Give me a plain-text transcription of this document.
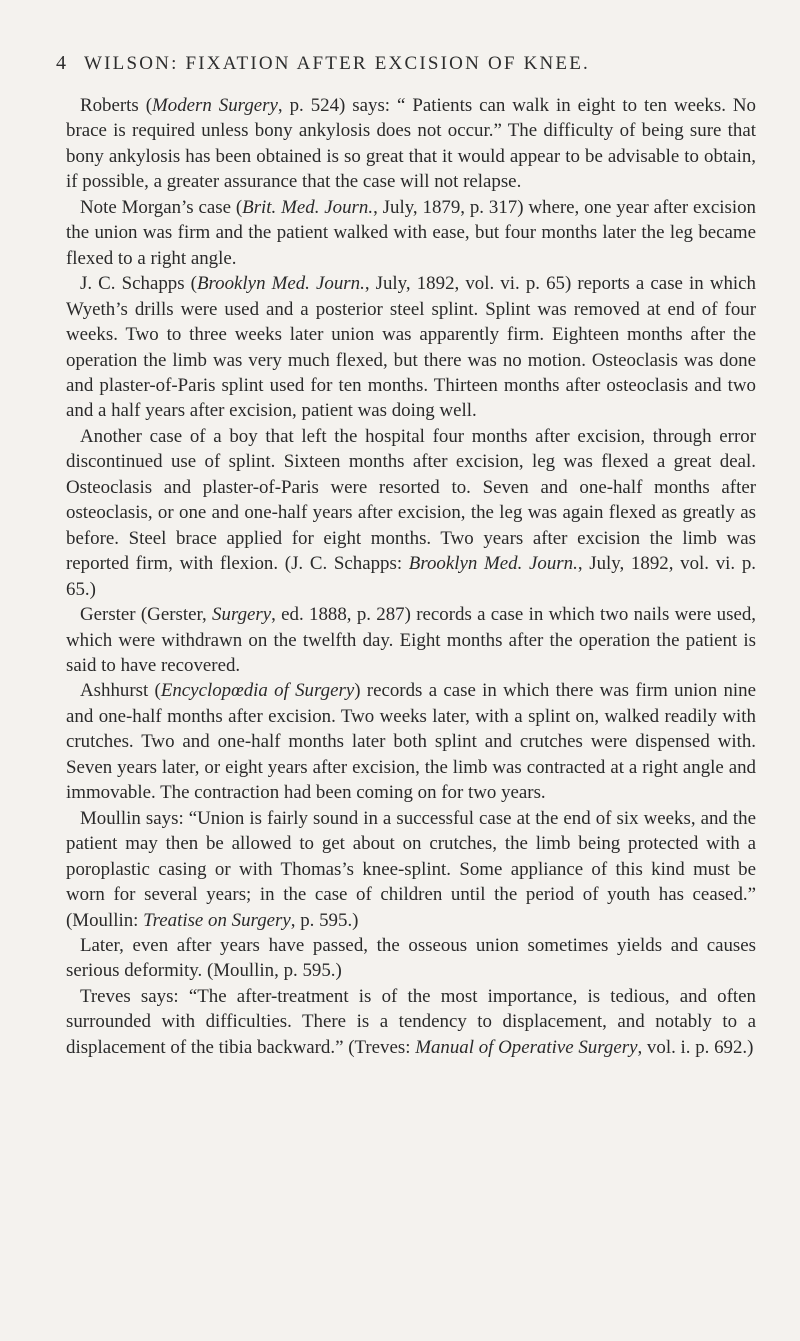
4 WILSON: FIXATION AFTER EXCISION OF KNEE.

Roberts (Modern Surgery, p. 524) says: “ Patients can walk in eight to ten weeks. No brace is required unless bony ankylosis does not occur.” The difficulty of being sure that bony ankylosis has been obtained is so great that it would appear to be advisable to obtain, if possible, a greater assurance that the case will not relapse.

Note Morgan’s case (Brit. Med. Journ., July, 1879, p. 317) where, one year after excision the union was firm and the patient walked with ease, but four months later the leg became flexed to a right angle.

J. C. Schapps (Brooklyn Med. Journ., July, 1892, vol. vi. p. 65) reports a case in which Wyeth’s drills were used and a posterior steel splint. Splint was removed at end of four weeks. Two to three weeks later union was apparently firm. Eighteen months after the operation the limb was very much flexed, but there was no motion. Osteoclasis was done and plaster-of-Paris splint used for ten months. Thirteen months after osteoclasis and two and a half years after excision, patient was doing well.

Another case of a boy that left the hospital four months after excision, through error discontinued use of splint. Sixteen months after excision, leg was flexed a great deal. Osteoclasis and plaster-of-Paris were resorted to. Seven and one-half months after osteoclasis, or one and one-half years after excision, the leg was again flexed as greatly as before. Steel brace applied for eight months. Two years after excision the limb was reported firm, with flexion. (J. C. Schapps: Brooklyn Med. Journ., July, 1892, vol. vi. p. 65.)

Gerster (Gerster, Surgery, ed. 1888, p. 287) records a case in which two nails were used, which were withdrawn on the twelfth day. Eight months after the operation the patient is said to have recovered.

Ashhurst (Encyclopœdia of Surgery) records a case in which there was firm union nine and one-half months after excision. Two weeks later, with a splint on, walked readily with crutches. Two and one-half months later both splint and crutches were dispensed with. Seven years later, or eight years after excision, the limb was contracted at a right angle and immovable. The contraction had been coming on for two years.

Moullin says: “Union is fairly sound in a successful case at the end of six weeks, and the patient may then be allowed to get about on crutches, the limb being protected with a poroplastic casing or with Thomas’s knee-splint. Some appliance of this kind must be worn for several years; in the case of children until the period of youth has ceased.” (Moullin: Treatise on Surgery, p. 595.)

Later, even after years have passed, the osseous union sometimes yields and causes serious deformity. (Moullin, p. 595.)

Treves says: “The after-treatment is of the most importance, is tedious, and often surrounded with difficulties. There is a tendency to displacement, and notably to a displacement of the tibia backward.” (Treves: Manual of Operative Surgery, vol. i. p. 692.)
